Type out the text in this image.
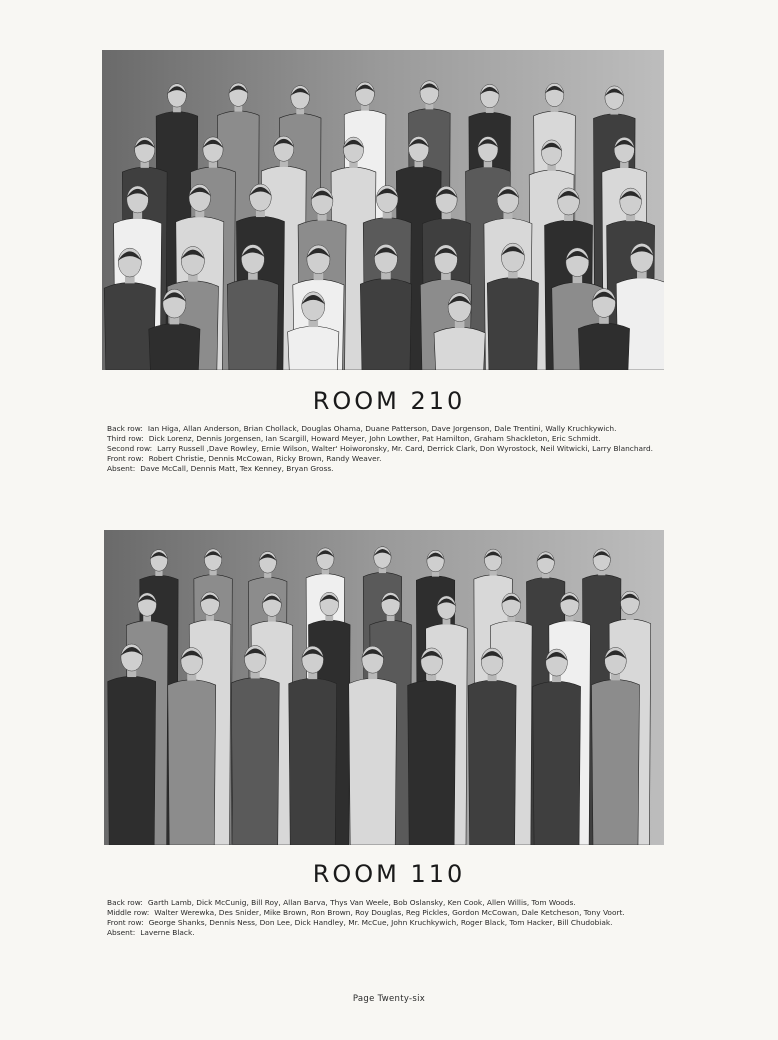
ROOM 210

Back row: Ian Higa, Allan Anderson, Brian Chollack, Douglas Ohama, Duane Patterson, Dave Jorgenson, Dale Trentini, Wally Kruchkywich.

Third row: Dick Lorenz, Dennis Jorgensen, Ian Scargill, Howard Meyer, John Lowther, Pat Hamilton, Graham Shackleton, Eric Schmidt.

Second row: Larry Russell ,Dave Rowley, Ernie Wilson, Walter' Hoiworonsky, Mr. Card, Derrick Clark, Don Wyrostock, Neil Witwicki, Larry Blanchard.

Front row: Robert Christie, Dennis McCowan, Ricky Brown, Randy Weaver.

Absent: Dave McCall, Dennis Matt, Tex Kenney, Bryan Gross.

ROOM 110

Back row: Garth Lamb, Dick McCunig, Bill Roy, Allan Barva, Thys Van Weele, Bob Oslansky, Ken Cook, Allen Willis, Tom Woods.

Middle row: Walter Werewka, Des Snider, Mike Brown, Ron Brown, Roy Douglas, Reg Pickles, Gordon McCowan, Dale Ketcheson, Tony Voort.

Front row: George Shanks, Dennis Ness, Don Lee, Dick Handley, Mr. McCue, John Kruchkywich, Roger Black, Tom Hacker, Bill Chudobiak.

Absent: Laverne Black.

Page Twenty-six
